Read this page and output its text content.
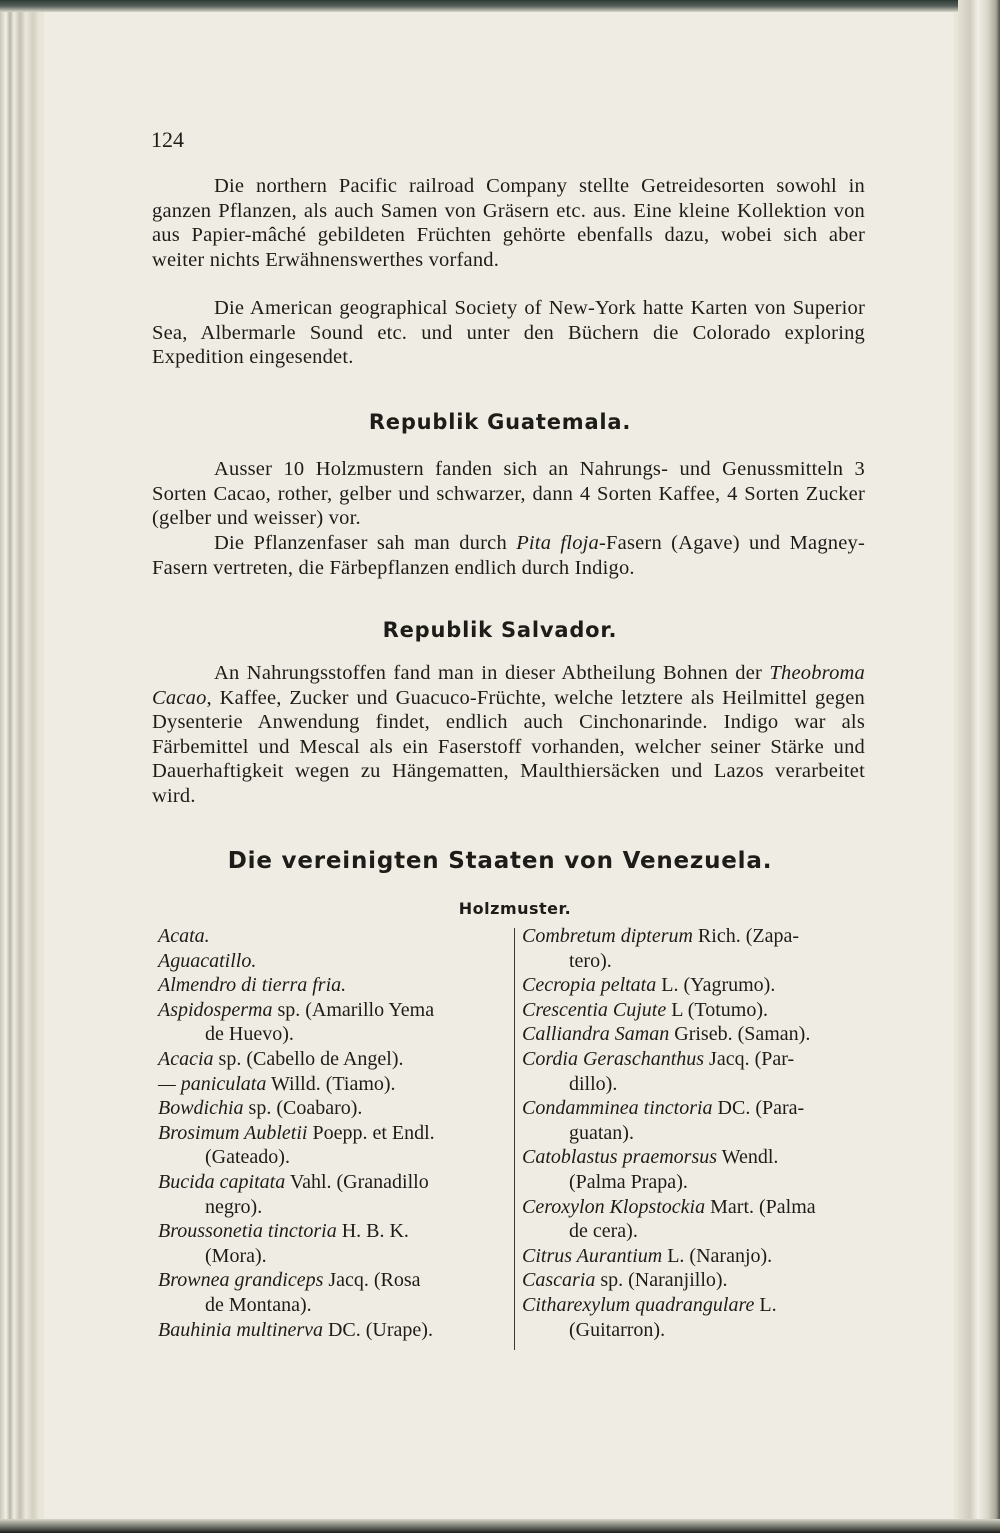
124

Die northern Pacific railroad Company stellte Getreidesorten sowohl in ganzen Pflanzen, als auch Samen von Gräsern etc. aus. Eine kleine Kollektion von aus Papier-mâché gebildeten Früchten gehörte ebenfalls dazu, wobei sich aber weiter nichts Erwähnenswerthes vorfand.

Die American geographical Society of New-York hatte Karten von Superior Sea, Albermarle Sound etc. und unter den Büchern die Colorado exploring Expedition eingesendet.

Republik Guatemala.

Ausser 10 Holzmustern fanden sich an Nahrungs- und Genussmitteln 3 Sorten Cacao, rother, gelber und schwarzer, dann 4 Sorten Kaffee, 4 Sorten Zucker (gelber und weisser) vor.

Die Pflanzenfaser sah man durch Pita floja-Fasern (Agave) und Magney-Fasern vertreten, die Färbepflanzen endlich durch Indigo.

Republik Salvador.

An Nahrungsstoffen fand man in dieser Abtheilung Bohnen der Theobroma Cacao, Kaffee, Zucker und Guacuco-Früchte, welche letztere als Heilmittel gegen Dysenterie Anwendung findet, endlich auch Cinchonarinde. Indigo war als Färbemittel und Mescal als ein Faserstoff vorhanden, welcher seiner Stärke und Dauerhaftigkeit wegen zu Hängematten, Maulthiersäcken und Lazos verarbeitet wird.

Die vereinigten Staaten von Venezuela.
Holzmuster.

Acata.

Aguacatillo.

Almendro di tierra fria.

Aspidosperma sp. (Amarillo Yema
de Huevo).

Acacia sp. (Cabello de Angel).

— paniculata Willd. (Tiamo).

Bowdichia sp. (Coabaro).

Brosimum Aubletii Poepp. et Endl.
(Gateado).

Bucida capitata Vahl. (Granadillo
negro).

Broussonetia tinctoria H. B. K.
(Mora).

Brownea grandiceps Jacq. (Rosa
de Montana).

Bauhinia multinerva DC. (Urape).

Combretum dipterum Rich. (Zapa-
tero).

Cecropia peltata L. (Yagrumo).

Crescentia Cujute L (Totumo).

Calliandra Saman Griseb. (Saman).

Cordia Geraschanthus Jacq. (Par-
dillo).

Condamminea tinctoria DC. (Para-
guatan).

Catoblastus praemorsus Wendl.
(Palma Prapa).

Ceroxylon Klopstockia Mart. (Palma
de cera).

Citrus Aurantium L. (Naranjo).

Cascaria sp. (Naranjillo).

Citharexylum quadrangulare L.
(Guitarron).
